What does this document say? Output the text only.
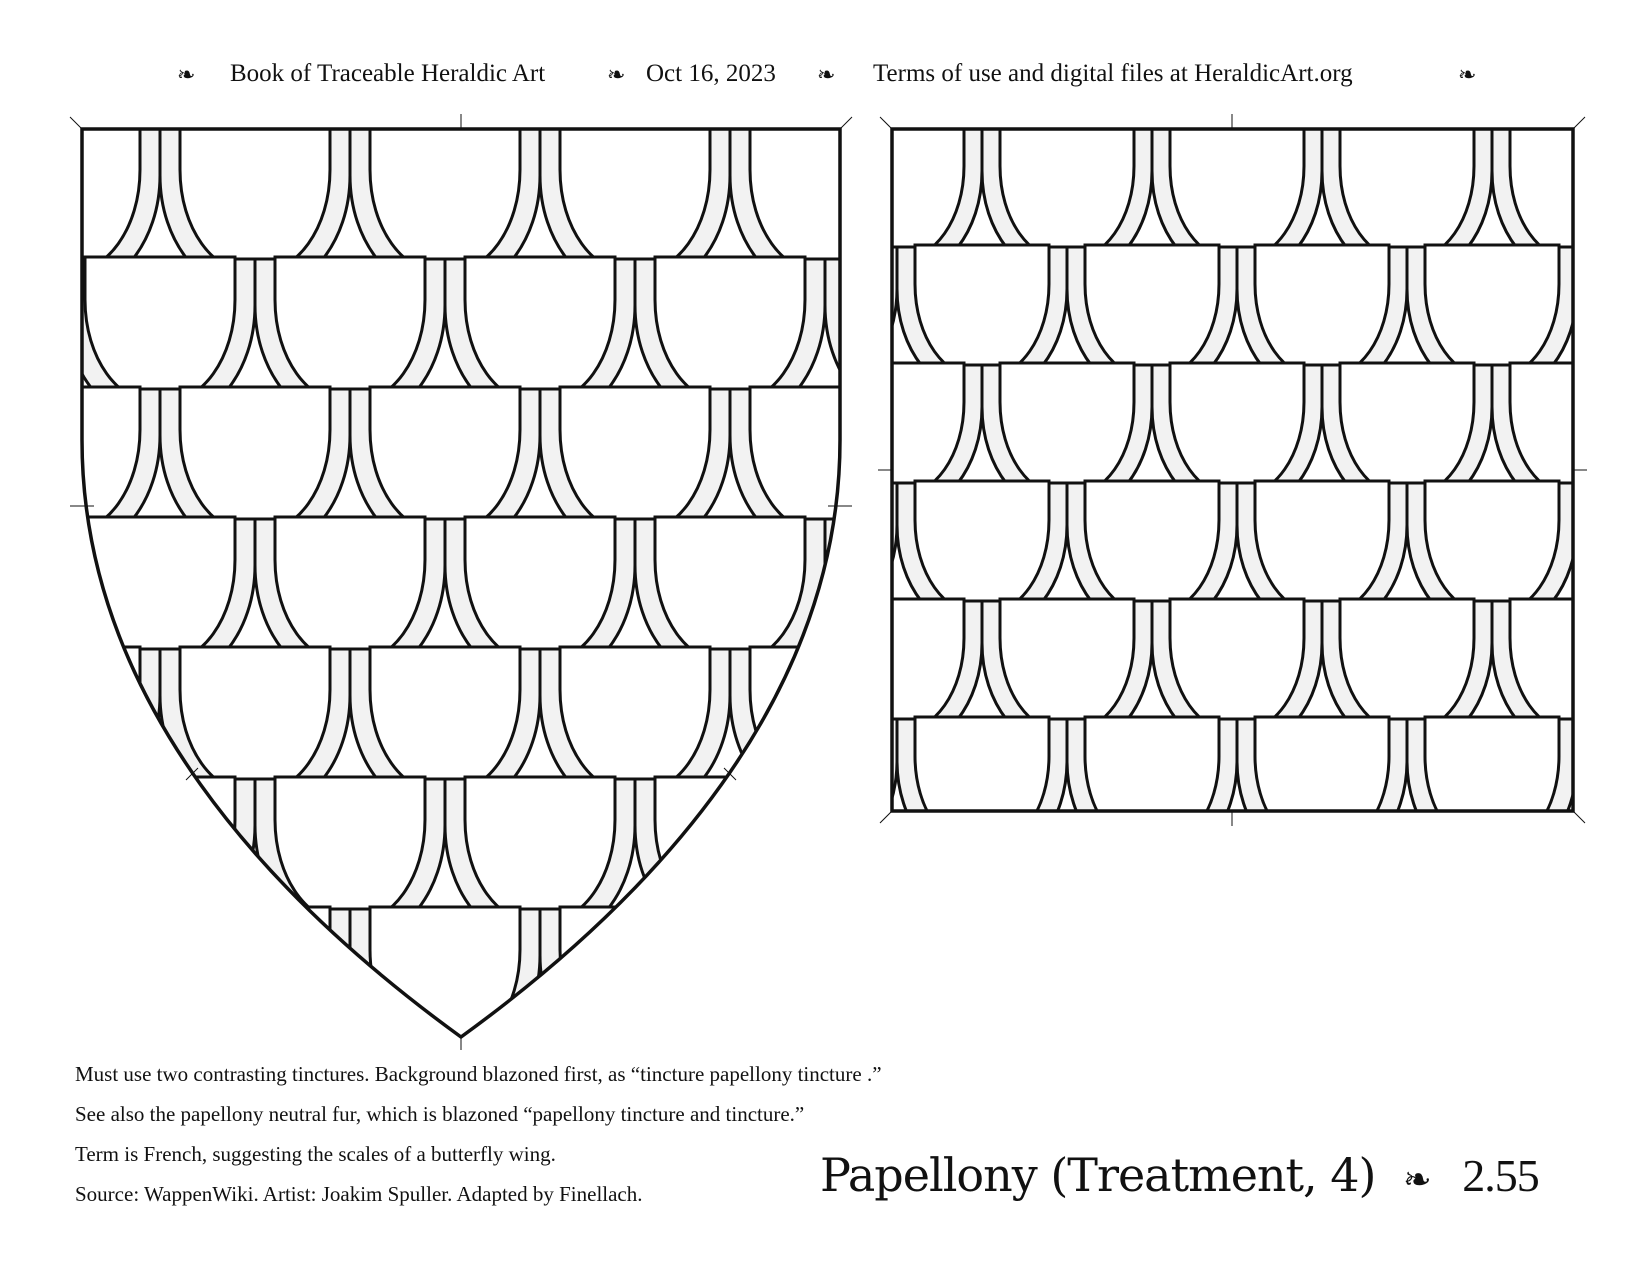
❧ Book of Traceable Heraldic Art	❧ Oct 16, 2023 ❧ Terms of use and digital files at HeraldicArt.org	❧
Must use two contrasting tinctures. Background blazoned first, as “tincture papellony tincture .”
See also the papellony neutral fur, which is blazoned “papellony tincture and tincture.”
Term is French, suggesting the scales of a butterfly wing.
Source: WappenWiki. Artist: Joakim Spuller. Adapted by Finellach.	Papellony (Treatment, 4) ❧ 2.55
